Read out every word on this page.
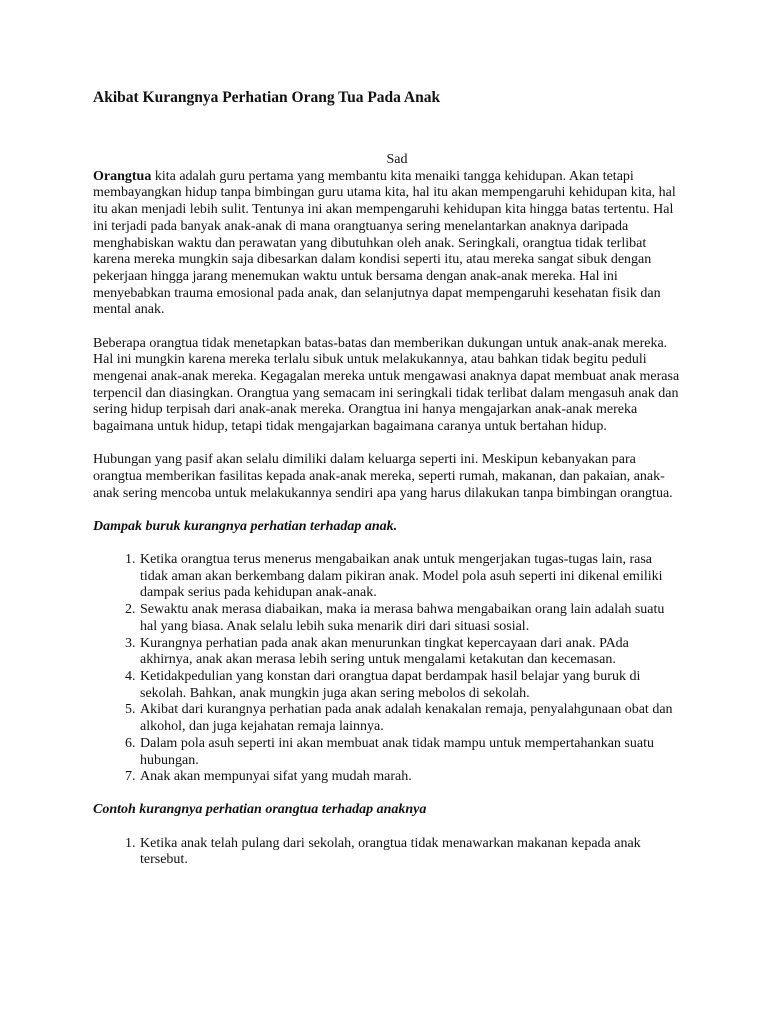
Akibat Kurangnya Perhatian Orang Tua Pada Anak
Sad

Orangtua kita adalah guru pertama yang membantu kita menaiki tangga kehidupan. Akan tetapi membayangkan hidup tanpa bimbingan guru utama kita, hal itu akan mempengaruhi kehidupan kita, hal itu akan menjadi lebih sulit. Tentunya ini akan mempengaruhi kehidupan kita hingga batas tertentu. Hal ini terjadi pada banyak anak-anak di mana orangtuanya sering menelantarkan anaknya daripada menghabiskan waktu dan perawatan yang dibutuhkan oleh anak. Seringkali, orangtua tidak terlibat karena mereka mungkin saja dibesarkan dalam kondisi seperti itu, atau mereka sangat sibuk dengan pekerjaan hingga jarang menemukan waktu untuk bersama dengan anak-anak mereka. Hal ini menyebabkan trauma emosional pada anak, dan selanjutnya dapat mempengaruhi kesehatan fisik dan mental anak.

Beberapa orangtua tidak menetapkan batas-batas dan memberikan dukungan untuk anak-anak mereka. Hal ini mungkin karena mereka terlalu sibuk untuk melakukannya, atau bahkan tidak begitu peduli mengenai anak-anak mereka. Kegagalan mereka untuk mengawasi anaknya dapat membuat anak merasa terpencil dan diasingkan. Orangtua yang semacam ini seringkali tidak terlibat dalam mengasuh anak dan sering hidup terpisah dari anak-anak mereka. Orangtua ini hanya mengajarkan anak-anak mereka bagaimana untuk hidup, tetapi tidak mengajarkan bagaimana caranya untuk bertahan hidup.

Hubungan yang pasif akan selalu dimiliki dalam keluarga seperti ini. Meskipun kebanyakan para orangtua memberikan fasilitas kepada anak-anak mereka, seperti rumah, makanan, dan pakaian, anak-anak sering mencoba untuk melakukannya sendiri apa yang harus dilakukan tanpa bimbingan orangtua.

Dampak buruk kurangnya perhatian terhadap anak.

1. Ketika orangtua terus menerus mengabaikan anak untuk mengerjakan tugas-tugas lain, rasa tidak aman akan berkembang dalam pikiran anak. Model pola asuh seperti ini dikenal emiliki dampak serius pada kehidupan anak-anak.
2. Sewaktu anak merasa diabaikan, maka ia merasa bahwa mengabaikan orang lain adalah suatu hal yang biasa. Anak selalu lebih suka menarik diri dari situasi sosial.
3. Kurangnya perhatian pada anak akan menurunkan tingkat kepercayaan dari anak. PAda akhirnya, anak akan merasa lebih sering untuk mengalami ketakutan dan kecemasan.
4. Ketidakpedulian yang konstan dari orangtua dapat berdampak hasil belajar yang buruk di sekolah. Bahkan, anak mungkin juga akan sering mebolos di sekolah.
5. Akibat dari kurangnya perhatian pada anak adalah kenakalan remaja, penyalahgunaan obat dan alkohol, dan juga kejahatan remaja lainnya.
6. Dalam pola asuh seperti ini akan membuat anak tidak mampu untuk mempertahankan suatu hubungan.
7. Anak akan mempunyai sifat yang mudah marah.

Contoh kurangnya perhatian orangtua terhadap anaknya

1. Ketika anak telah pulang dari sekolah, orangtua tidak menawarkan makanan kepada anak tersebut.
